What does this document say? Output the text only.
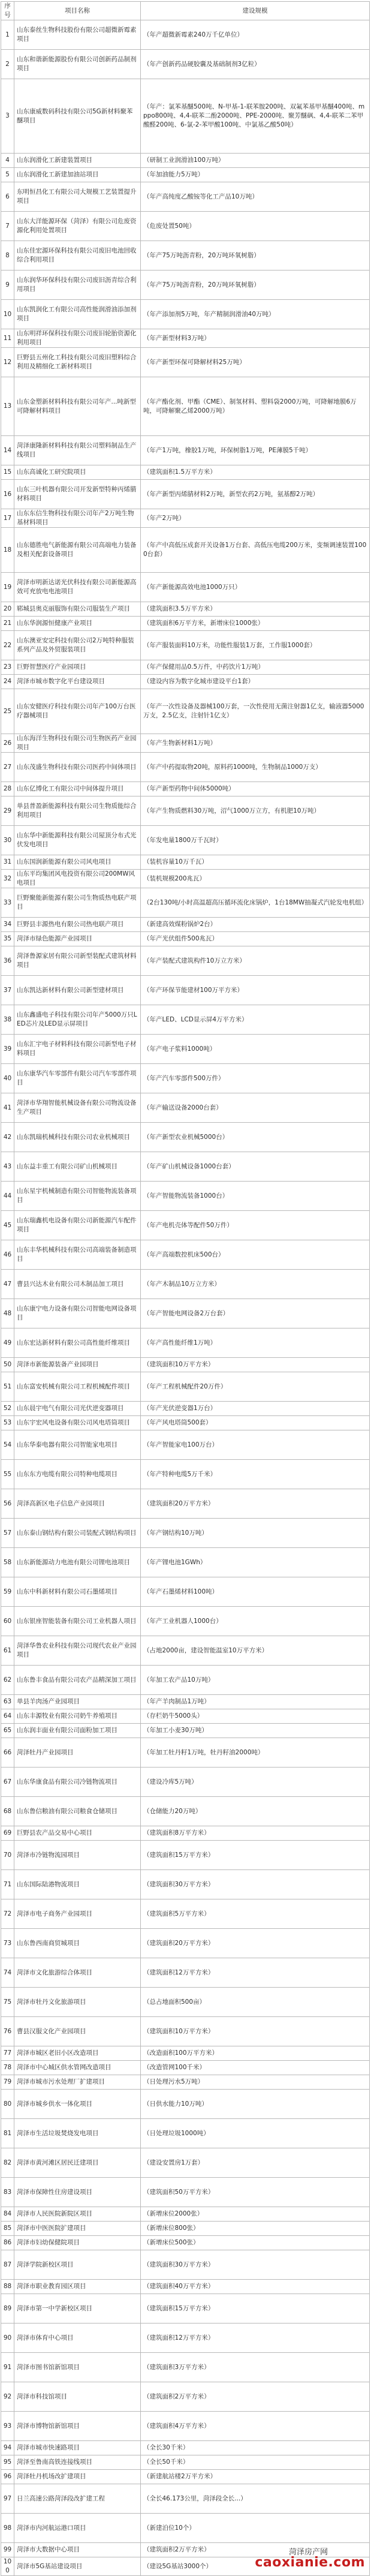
序号	项目名称	建设规模
1	山东泰丝生物科技股份有限公司超微新霉素项目	（年产超微新霉素240万千亿单位）
2	山东和谐新能源股份有限公司创新药品制剂项目	（年产创新药品硬胶囊及基础制剂3亿粒）
3	山东康威数码科技有限公司5G新材料聚苯醚项目	（年产：氯苯基醚500吨、N-甲基-1-联苯胺200吨、双氟苯基甲基醚400吨、mppo800吨、4,4-联苯二酚2000吨、PPE-2000吨、聚芳醚砜、4,4-联苯二苯甲酸醛200吨、6-氯-2-苯甲酸100吨、中氯基乙酸50吨）
4	山东润滑化工新建装置项目	（研制工业润滑油100万吨）
5	山东润滑化工新建加油站项目	（年加油能力5万吨）
6	东明恒昌化工有限公司大规模工艺装置提升项目	（年产高纯度乙酸铵等化工产品10万吨）
7	山东大洋能源环保（菏泽）有限公司危废资源化利用处置项目	（危废处置50吨）
8	山东佳宏源环保科技有限公司废旧电池回收综合利用项目	（年产75万吨沥青粉，20万吨环氧树脂）
9	山东润华环保科技有限公司废旧沥青综合利用项目	（年产75万吨沥青粉，20万吨环氧树脂）
10	山东凯润化工有限公司高性能润滑油添加剂项目	（年产添加剂5万吨，年产精制润滑油40万吨）
11	山东明祥环保科技有限公司废旧轮胎资源化利用项目	（年产新型材料3万吨）
12	巨野县五州化工科技有限公司废旧塑料综合利用及精细化工新材料项目	（年产新型环保可降解材料25万吨）
13	山东金塑新材料科技有限公司年产...吨新型可降解材料项目	（年产酯化剂、甲酯（CME）、制氢材料、塑料袋2000万吨，可降解地膜6万吨，可降解聚乙烯2000万吨）
14	菏泽康隆新材料科技有限公司塑料制品生产线项目	（年产1万吨，橡胶1万吨，环保树脂1万吨，PE薄膜5千吨）
15	山东高诚化工研究院项目	（建筑面积1.5万平方米）
16	山东三叶机器有限公司开发新型特种丙烯腈材料项目	（年产新型丙烯腈材料2万吨，新型农药2万吨，氨基醇2万吨）
17	山东东信生物科技有限公司年产2万吨生物基材料项目	（年产2万吨）
18	山东德胜电气新能源有限公司高端电力装备及相关配套设备项目	（年产中高低压成套开关设备1万台套、高低压电缆200万米，变频调速装置1000台套）
19	菏泽市明新达诺光伏科技有限公司新能源高效可充放电电池项目	（年产新能源高效电池1000万只）
20	郓城县奥克丽服饰有限公司服装生产项目	（建筑面积3.5万平方米）
21	山东华润源恒健康产业项目	（建筑面积6万平方米，新增床位1000张）
22	山东澳亚安定科技有限公司2万吨特种服装系列产品及外贸服装项目	（年产服装面料10万米，功能性服装1万套，工作服1000套）
23	巨野智慧医疗产业园项目	（年产保健用品0.5万件，中药饮片1万吨）
24	菏泽市城市数字化平台建设项目	（建设内容为数字化城市建设平台1套）
25	山东安健医疗科技有限公司年产100万台医疗器械项目	（年产一次性设备及器械100万套，一次性使用无菌注射器1亿支，输液器5000万支，2.5亿支，注射针1亿支）
26	山东海洋生物科技有限公司生物医药产业园项目	（年产生物新材料1万吨）
27	山东茂盛生物科技有限公司医药中间体项目	（年产中药提取物20吨，原料药1000吨，生物制品1000万支）
28	山东亿博化工有限公司中间体提升项目	（年产新型药物中间体5000吨）
29	单县普盈新能源科技有限公司生物质能综合利用项目	（年产生物质燃料30万吨，沼气1000万立方，有机肥10万吨）
30	山东华中新能源科技有限公司屋顶分布式光伏发电项目	（年发电量1800万千瓦时）
31	山东国润新能源有限公司风电项目	（装机容量10万千瓦）
32	山东平均集团风电投资有限公司200MW风电项目	（装机规模200兆瓦）
33	巨野聚能新能源有限公司生物质热电联产项目	（2台130吨/小时高温超高压循环流化床锅炉，1台18MW抽凝式汽轮发电机组）
34	巨野县丰源热电有限公司热电联产项目	（新建高效煤粉锅炉2台）
35	菏泽市绿色能源产业园项目	（年产光伏组件500兆瓦）
36	菏泽鲁源家居有限公司新型装配式建筑材料项目	（年产装配式建筑构件10万立方米）
37	山东凯达新材料有限公司新型建材项目	（年产环保节能建材100万平方米）
38	山东鑫盛电子科技有限公司年产5000万只LED芯片及LED显示屏项目	（年产LED、LCD显示屏4万平方米）
39	山东汇宇电子材料科技有限公司新型电子材料项目	（年产电子浆料1000吨）
40	山东康华汽车零部件有限公司汽车零部件项目	（年产汽车零部件500万件）
41	菏泽市华翔智能机械设备有限公司物流设备生产项目	（年产输送设备2000台套）
42	山东凯瑞机械科技有限公司农业机械项目	（年产新型农业机械5000台）
43	山东益丰重工有限公司矿山机械项目	（年产矿山机械设备1000台套）
44	山东星宇机械制造有限公司智能物流装备项目	（年产智能物流装备1000台）
45	山东瑞鑫机电设备有限公司新能源汽车配件项目	（年产电机壳体等配件50万件）
46	山东丰华机械科技有限公司高端装备制造项目	（年产高端数控机床500台）
47	曹县兴达木业有限公司木制品加工项目	（年产木制品10万立方米）
48	山东康宁电力设备有限公司智能电网设备项目	（年产智能电网设备2万台套）
49	山东宏达新材料有限公司高性能纤维项目	（年产高性能纤维1万吨）
50	菏泽市新能源装备产业园项目	（建筑面积10万平方米）
51	山东富安机械有限公司工程机械配件项目	（年产工程机械配件20万件）
52	山东晨宇电气有限公司光伏逆变器项目	（年产光伏逆变器1万台）
53	山东宇宏风电设备有限公司风电塔筒项目	（年产风电塔筒500套）
54	山东华泰电器有限公司智能家电项目	（年产智能家电100万台）
55	山东东方电缆有限公司特种电缆项目	（年产特种电缆5万千米）
56	菏泽高新区电子信息产业园项目	（建筑面积20万平方米）
57	山东泰山钢结构有限公司装配式钢结构项目	（年产钢结构10万吨）
58	山东新能源动力电池有限公司锂电池项目	（年产锂电池1GWh）
59	山东中科新材料有限公司石墨烯项目	（年产石墨烯材料100吨）
60	山东银座智能装备有限公司工业机器人项目	（年产工业机器人1000台）
61	菏泽华鲁农业科技有限公司现代农业产业园项目	（占地2000亩，建设智能温室10万平方米）
62	山东鲁丰食品有限公司农产品精深加工项目	（年加工农产品10万吨）
63	单县羊肉汤产业园项目	（年产羊肉制品1万吨）
64	山东丰源牧业有限公司奶牛养殖项目	（存栏奶牛5000头）
65	山东润丰面业有限公司面粉加工项目	（年加工小麦30万吨）
66	菏泽牡丹产业园项目	（年加工牡丹籽1万吨，牡丹籽油2000吨）
67	山东华康食品有限公司冷链物流项目	（建设冷库5万吨）
68	山东鲁信粮油有限公司粮食仓储项目	（仓储能力20万吨）
69	巨野县农产品交易中心项目	（建筑面积8万平方米）
70	菏泽市冷链物流园项目	（建筑面积15万平方米）
71	山东国际陆港物流项目	（建筑面积30万平方米）
72	菏泽市电子商务产业园项目	（建筑面积5万平方米）
73	山东鲁西南商贸城项目	（建筑面积20万平方米）
74	菏泽市文化旅游综合体项目	（建筑面积12万平方米）
75	菏泽市牡丹文化旅游项目	（总占地面积500亩）
76	曹县汉服文化产业园项目	（建筑面积10万平方米）
77	菏泽市城区老旧小区改造项目	（改造面积100万平方米）
78	菏泽市中心城区供水管网改造项目	（改造管网100千米）
79	菏泽市城市污水处理厂扩建项目	（日处理污水5万吨）
80	菏泽市城乡供水一体化项目	（日供水能力10万吨）
81	菏泽市生活垃圾焚烧发电项目	（日处理垃圾1000吨）
82	菏泽市黄河滩区居民迁建项目	（建设安置房1万套）
83	菏泽市保障性住房建设项目	（建筑面积50万平方米）
84	菏泽市人民医院新院区项目	（新增床位2000张）
85	菏泽市中医医院扩建项目	（新增床位800张）
86	菏泽市妇幼保健院项目	（新增床位500张）
87	菏泽学院新校区项目	（建筑面积30万平方米）
88	菏泽市职业教育园区项目	（建筑面积40万平方米）
89	菏泽市第一中学新校区项目	（建筑面积15万平方米）
90	菏泽市体育中心项目	（建筑面积12万平方米）
91	菏泽市图书馆新馆项目	（建筑面积3万平方米）
92	菏泽市科技馆项目	（建筑面积2万平方米）
93	菏泽市博物馆新馆项目	（建筑面积4万平方米）
94	菏泽市城市快速路项目	（全长30千米）
95	菏泽至鲁南高铁连接线项目	（全长50千米）
96	菏泽牡丹机场改扩建项目	（新建航站楼2万平方米）
97	日兰高速公路菏泽段改扩建工程	（全长46.173公里，菏泽段全长...）
98	菏泽市内河航运港口项目	（新建泊位10个）
99	菏泽市大数据中心项目	（建筑面积2万平方米）
100	菏泽市5G基站建设项目	（建设5G基站3000个）
菏泽房产网
caoxianie.com
